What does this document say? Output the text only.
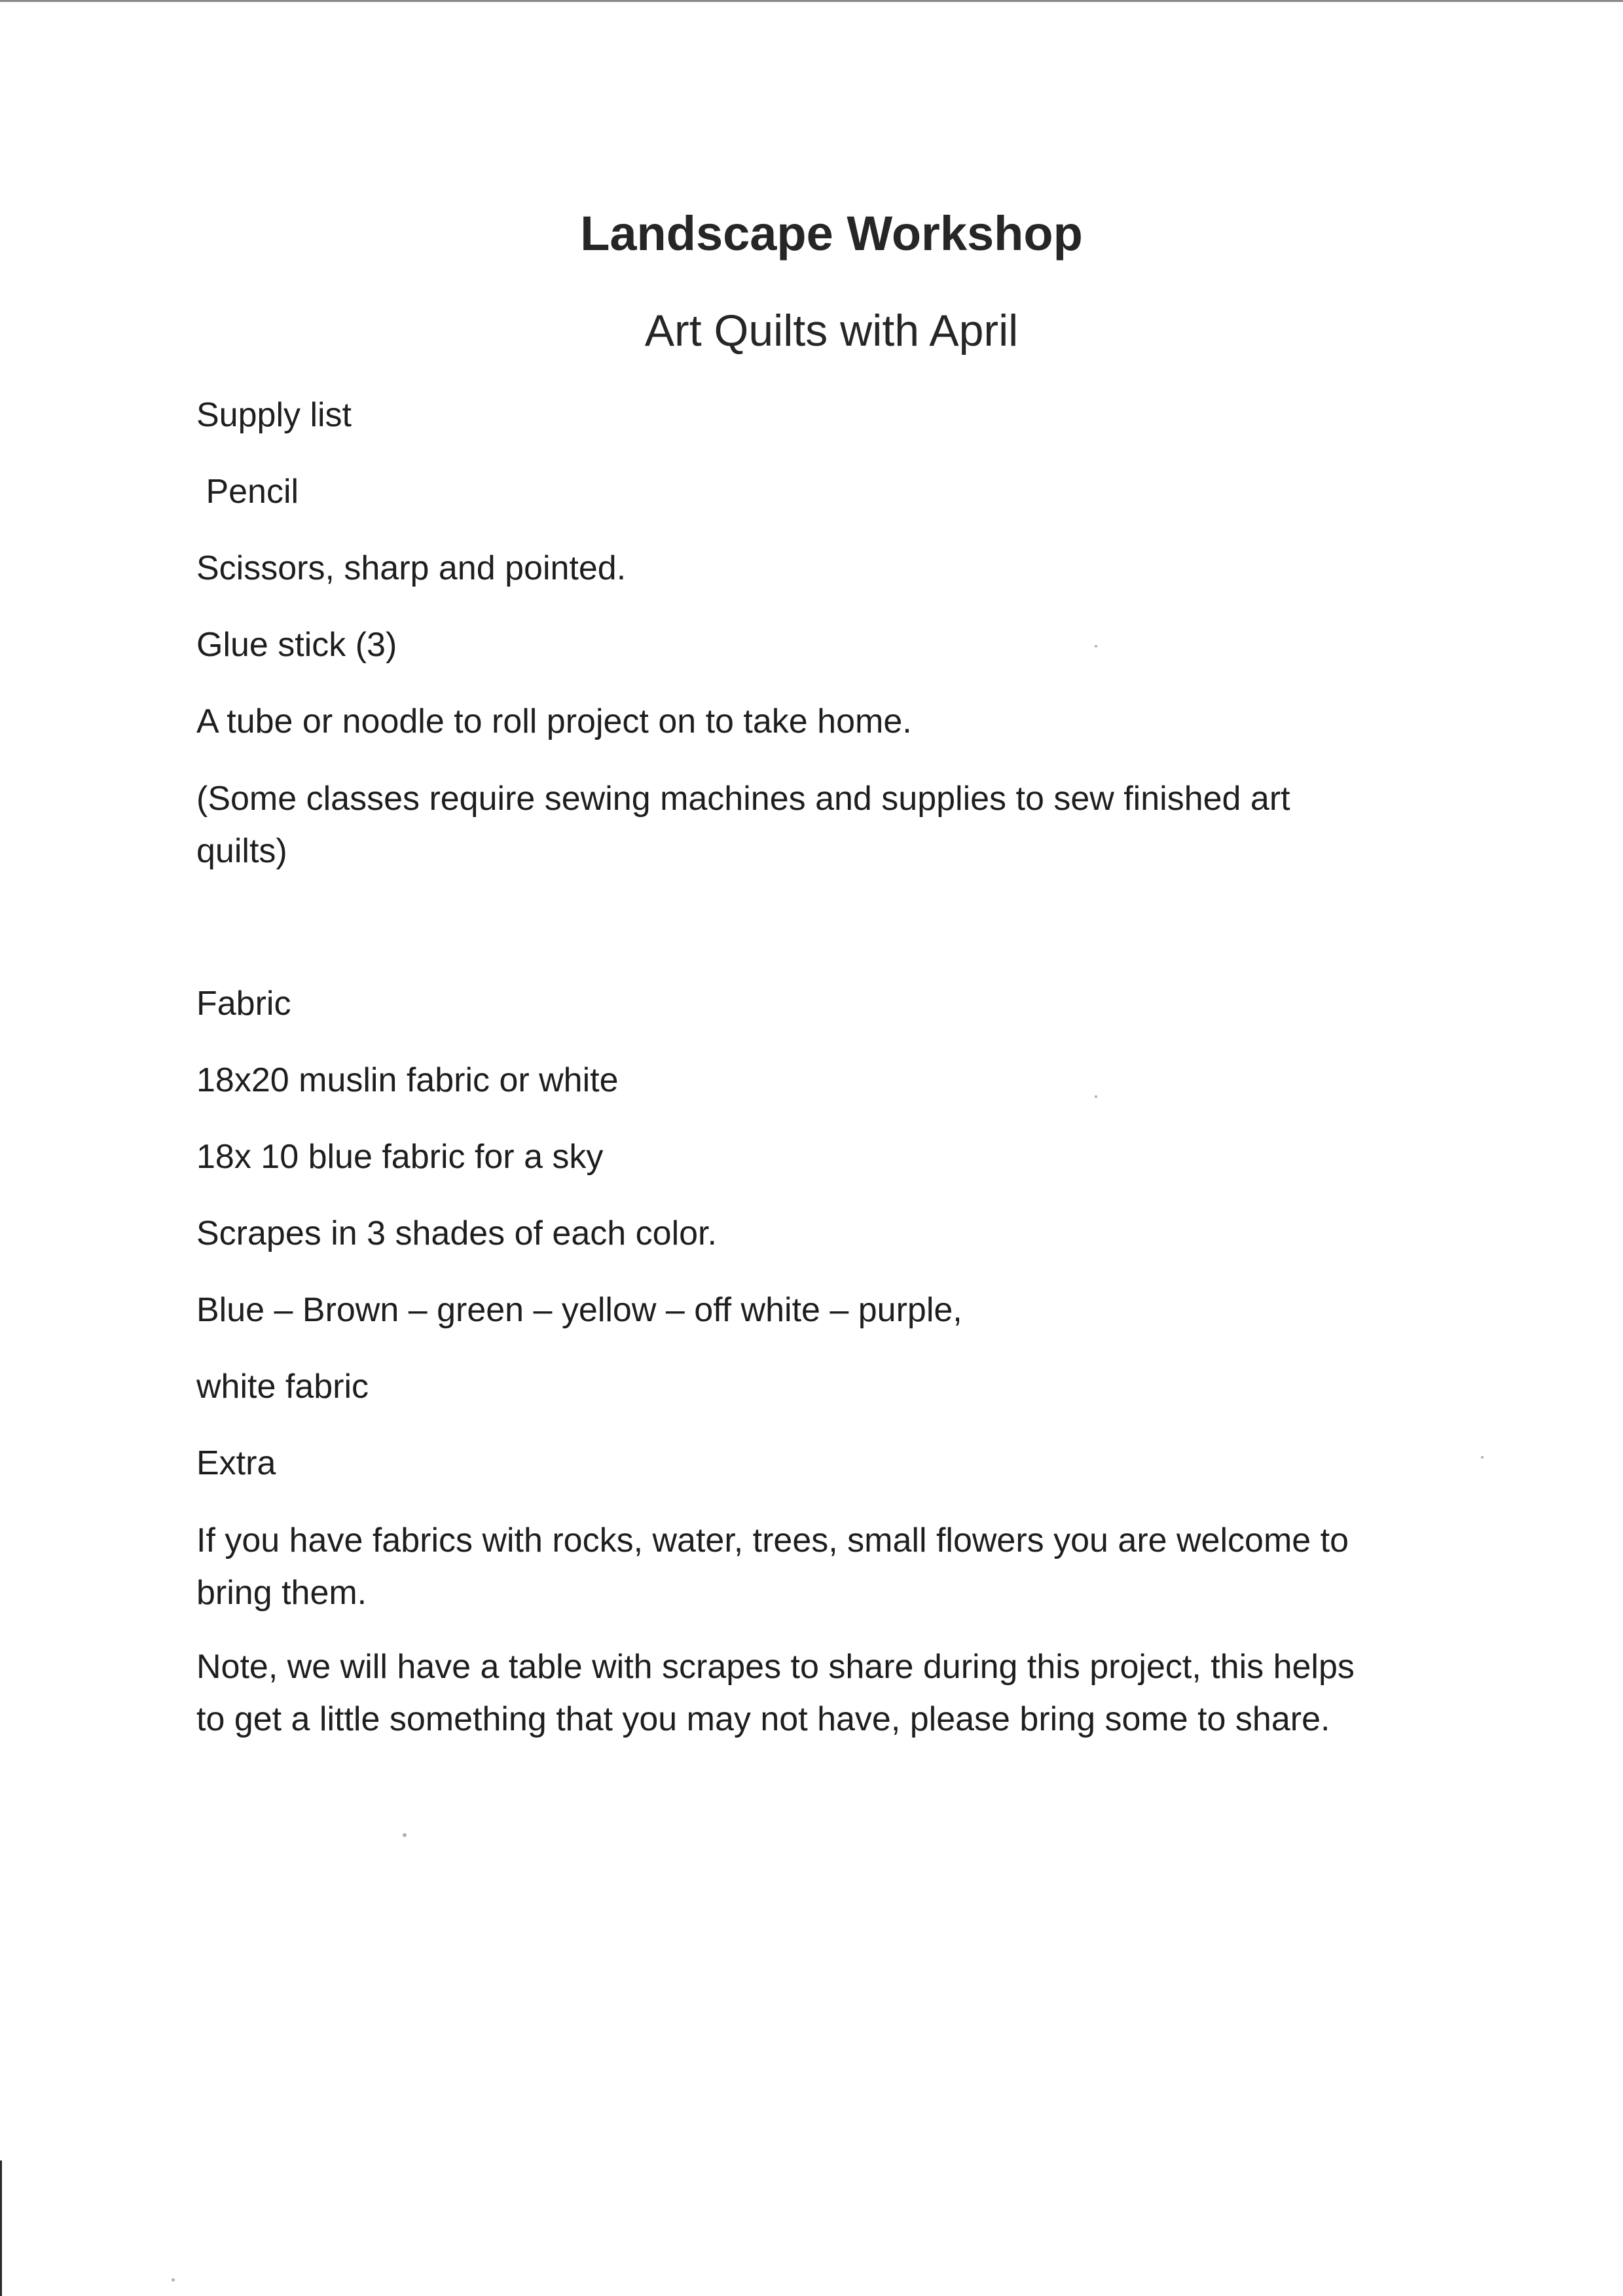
Landscape Workshop
Art Quilts with April
Supply list
Pencil
Scissors, sharp and pointed.
Glue stick (3)
A tube or noodle to roll project on to take home.
(Some classes require sewing machines and supplies to sew finished art
quilts)
Fabric
18x20 muslin fabric or white
18x 10 blue fabric for a sky
Scrapes in 3 shades of each color.
Blue – Brown – green – yellow – off white – purple,
white fabric
Extra
If you have fabrics with rocks, water, trees, small flowers you are welcome to
bring them.
Note, we will have a table with scrapes to share during this project, this helps
to get a little something that you may not have, please bring some to share.
